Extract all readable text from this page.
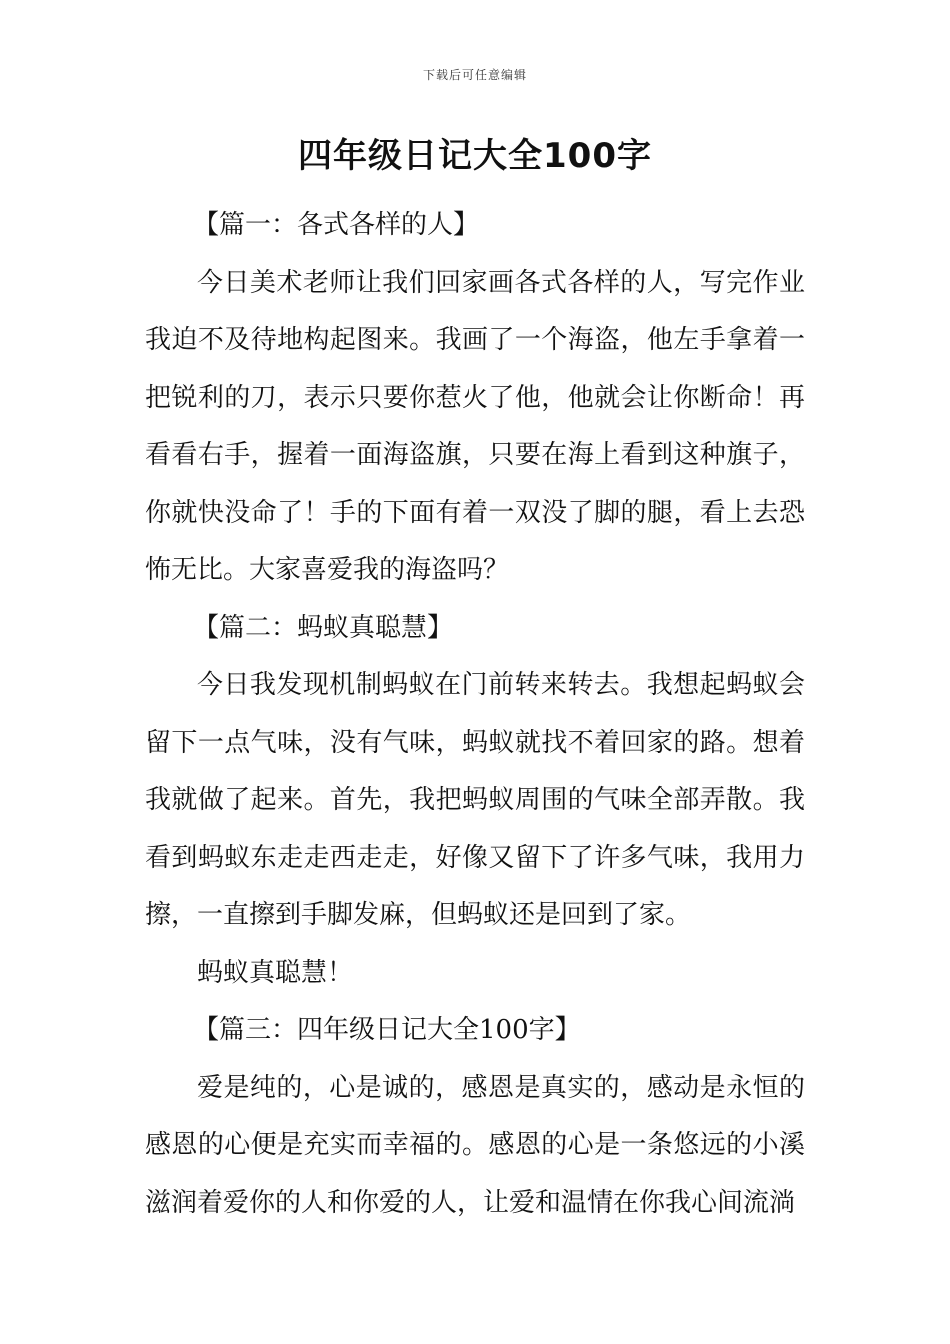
下载后可任意编辑
四年级日记大全100字

【篇一：各式各样的人】

今日美术老师让我们回家画各式各样的人，写完作业我迫不及待地构起图来。我画了一个海盗，他左手拿着一把锐利的刀，表示只要你惹火了他，他就会让你断命！再看看右手，握着一面海盗旗，只要在海上看到这种旗子，你就快没命了！手的下面有着一双没了脚的腿，看上去恐怖无比。大家喜爱我的海盗吗？

【篇二：蚂蚁真聪慧】

今日我发现机制蚂蚁在门前转来转去。我想起蚂蚁会留下一点气味，没有气味，蚂蚁就找不着回家的路。想着我就做了起来。首先，我把蚂蚁周围的气味全部弄散。我看到蚂蚁东走走西走走，好像又留下了许多气味，我用力擦，一直擦到手脚发麻，但蚂蚁还是回到了家。

蚂蚁真聪慧！

【篇三：四年级日记大全100字】

爱是纯的，心是诚的，感恩是真实的，感动是永恒的感恩的心便是充实而幸福的。感恩的心是一条悠远的小溪滋润着爱你的人和你爱的人，让爱和温情在你我心间流淌
